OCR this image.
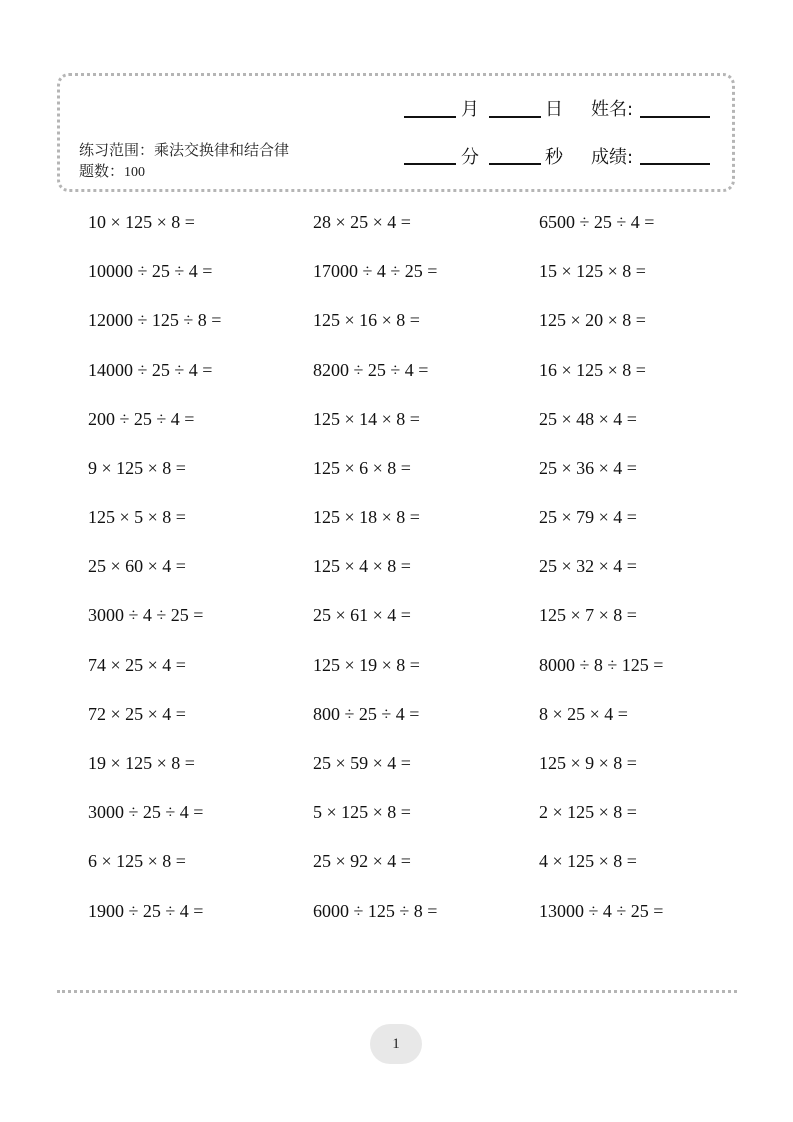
练习范围：乘法交换律和结合律
题数：100
月	日 姓名:
分	秒 成绩:
10 × 125 × 8 =
10000 ÷ 25 ÷ 4 =
12000 ÷ 125 ÷ 8 =
14000 ÷ 25 ÷ 4 =
200 ÷ 25 ÷ 4 =
9 × 125 × 8 =
125 × 5 × 8 =
25 × 60 × 4 =
3000 ÷ 4 ÷ 25 =
74 × 25 × 4 =
72 × 25 × 4 =
19 × 125 × 8 =
3000 ÷ 25 ÷ 4 =
6 × 125 × 8 =
1900 ÷ 25 ÷ 4 =
28 × 25 × 4 =
17000 ÷ 4 ÷ 25 =
125 × 16 × 8 =
8200 ÷ 25 ÷ 4 =
125 × 14 × 8 =
125 × 6 × 8 =
125 × 18 × 8 =
125 × 4 × 8 =
25 × 61 × 4 =
125 × 19 × 8 =
800 ÷ 25 ÷ 4 =
25 × 59 × 4 =
5 × 125 × 8 =
25 × 92 × 4 =
6000 ÷ 125 ÷ 8 =
6500 ÷ 25 ÷ 4 =
15 × 125 × 8 =
125 × 20 × 8 =
16 × 125 × 8 =
25 × 48 × 4 =
25 × 36 × 4 =
25 × 79 × 4 =
25 × 32 × 4 =
125 × 7 × 8 =
8000 ÷ 8 ÷ 125 =
8 × 25 × 4 =
125 × 9 × 8 =
2 × 125 × 8 =
4 × 125 × 8 =
13000 ÷ 4 ÷ 25 =
1
